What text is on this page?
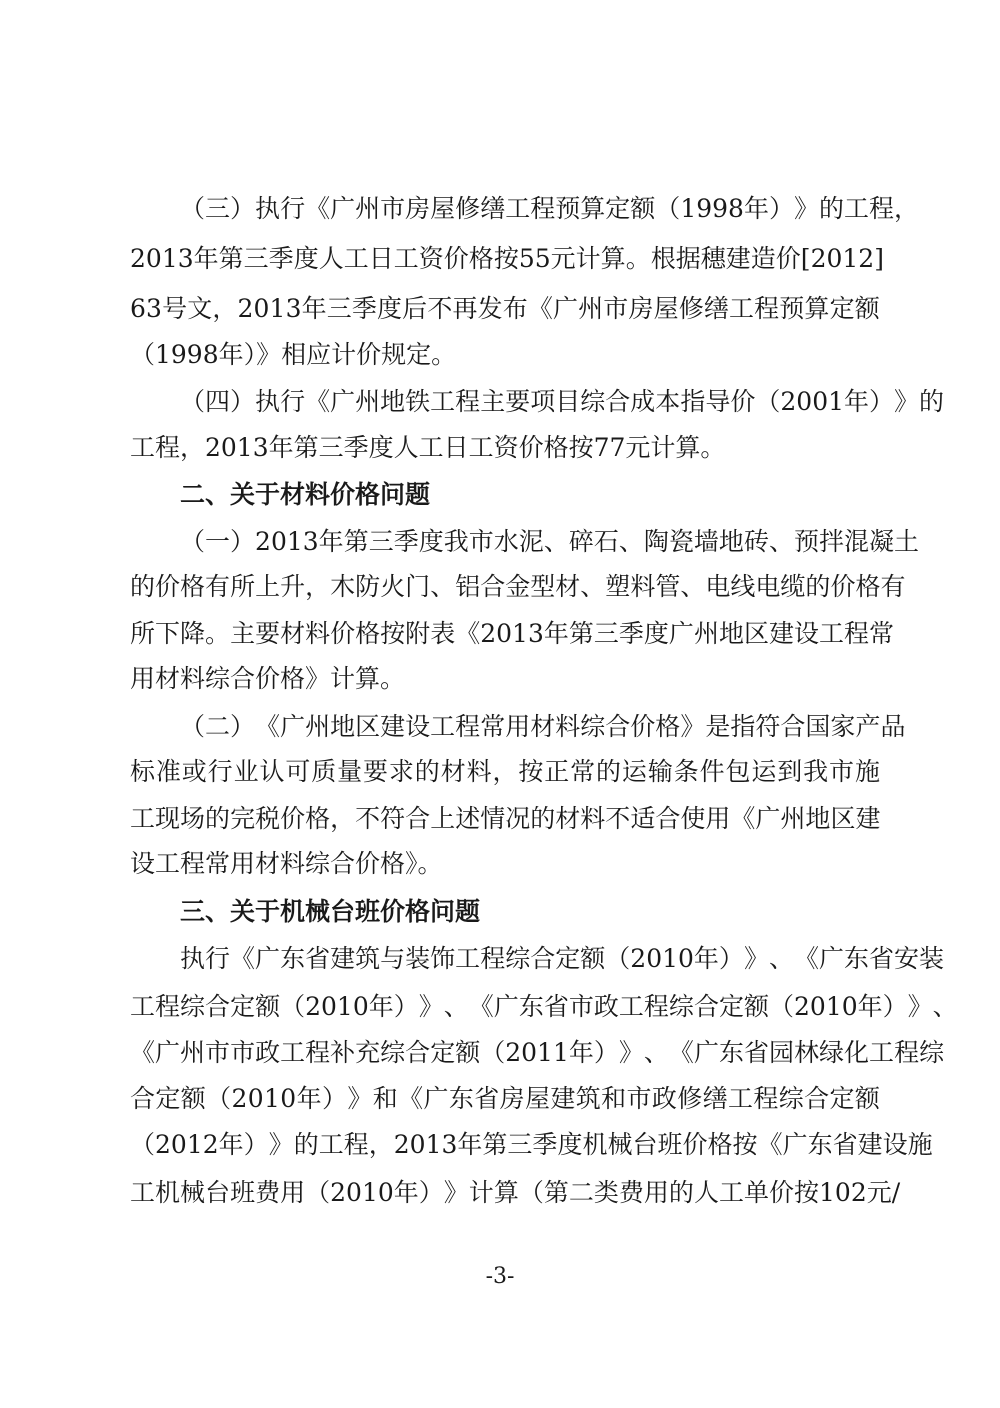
（ 三 ） 执 行 《 广 州 市 房 屋 修 缮 工 程 预 算 定 额 （ 1 9 9 8 年 ） 》 的 工 程 ，
2 0 1 3 年 第 三 季 度 人 工 日 工 资 价 格 按 5 5 元 计 算 。 根 据 穗 建 造 价 [ 2 0 1 2 ]
6 3 号 文 ， 2 0 1 3 年 三 季 度 后 不 再 发 布 《 广 州 市 房 屋 修 缮 工 程 预 算 定 额
（1998年）》相应计价规定。
（ 四 ） 执 行 《 广 州 地 铁 工 程 主 要 项 目 综 合 成 本 指 导 价 （ 2 0 0 1 年 ） 》 的
工程，2013年第三季度人工日工资价格按77元计算。
二、关于材料价格问题
（ 一 ） 2 0 1 3 年 第 三 季 度 我 市 水 泥 、 碎 石 、 陶 瓷 墙 地 砖 、 预 拌 混 凝 土
的 价 格 有 所 上 升 ， 木 防 火 门 、 铝 合 金 型 材 、 塑 料 管 、 电 线 电 缆 的 价 格 有
所 下 降 。 主 要 材 料 价 格 按 附 表 《 2 0 1 3 年 第 三 季 度 广 州 地 区 建 设 工 程 常
用材料综合价格》计算。
（ 二 ） 《 广 州 地 区 建 设 工 程 常 用 材 料 综 合 价 格 》 是 指 符 合 国 家 产 品
标 准 或 行 业 认 可 质 量 要 求 的 材 料 ， 按 正 常 的 运 输 条 件 包 运 到 我 市 施
工 现 场 的 完 税 价 格 ， 不 符 合 上 述 情 况 的 材 料 不 适 合 使 用 《 广 州 地 区 建
设工程常用材料综合价格》。
三、关于机械台班价格问题
执 行 《 广 东 省 建 筑 与 装 饰 工 程 综 合 定 额 （ 2 0 1 0 年 ） 》 、 《 广 东 省 安 装
工 程 综 合 定 额 （ 2 0 1 0 年 ） 》 、 《 广 东 省 市 政 工 程 综 合 定 额 （ 2 0 1 0 年 ） 》 、
《 广 州 市 市 政 工 程 补 充 综 合 定 额 （ 2 0 1 1 年 ） 》 、 《 广 东 省 园 林 绿 化 工 程 综
合 定 额 （ 2 0 1 0 年 ） 》 和 《 广 东 省 房 屋 建 筑 和 市 政 修 缮 工 程 综 合 定 额
（ 2 0 1 2 年 ） 》 的 工 程 ， 2 0 1 3 年 第 三 季 度 机 械 台 班 价 格 按 《 广 东 省 建 设 施
工 机 械 台 班 费 用 （ 2 0 1 0 年 ） 》 计 算 （ 第 二 类 费 用 的 人 工 单 价 按 1 0 2 元 /
-3-
